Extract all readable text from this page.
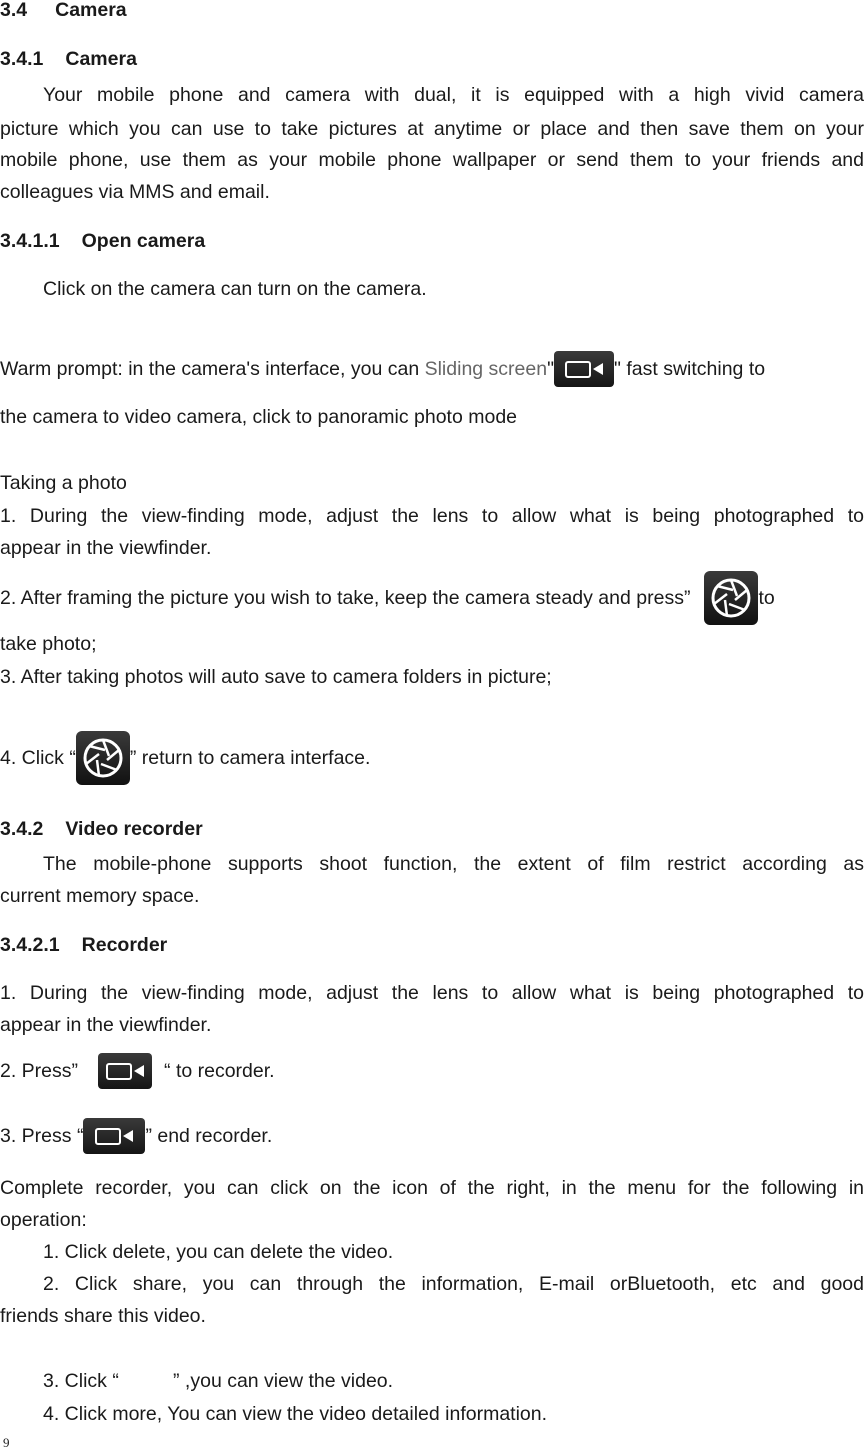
3.4 Camera
3.4.1 Camera
Your mobile phone and camera with dual, it is equipped with a high vivid camera
picture which you can use to take pictures at anytime or place and then save them on your
mobile phone, use them as your mobile phone wallpaper or send them to your friends and
colleagues via MMS and email.
3.4.1.1 Open camera
Click on the camera can turn on the camera.
Warm prompt: in the camera's interface, you can Sliding screen"	" fast switching to
the camera to video camera, click to panoramic photo mode
Taking a photo
1. During the view-finding mode, adjust the lens to allow what is being photographed to
appear in the viewfinder.
2. After framing the picture you wish to take, keep the camera steady and press”	to
take photo;
3. After taking photos will auto save to camera folders in picture;
4. Click “	” return to camera interface.
3.4.2 Video recorder
The mobile-phone supports shoot function, the extent of film restrict according as
current memory space.
3.4.2.1 Recorder
1. During the view-finding mode, adjust the lens to allow what is being photographed to
appear in the viewfinder.
2. Press”	“ to recorder.
3. Press “	” end recorder.
Complete recorder, you can click on the icon of the right, in the menu for the following in
operation:
1. Click delete, you can delete the video.
2. Click share, you can through the information, E-mail orBluetooth, etc and good
friends share this video.
3. Click “          ” ,you can view the video.
4. Click more, You can view the video detailed information.
9
